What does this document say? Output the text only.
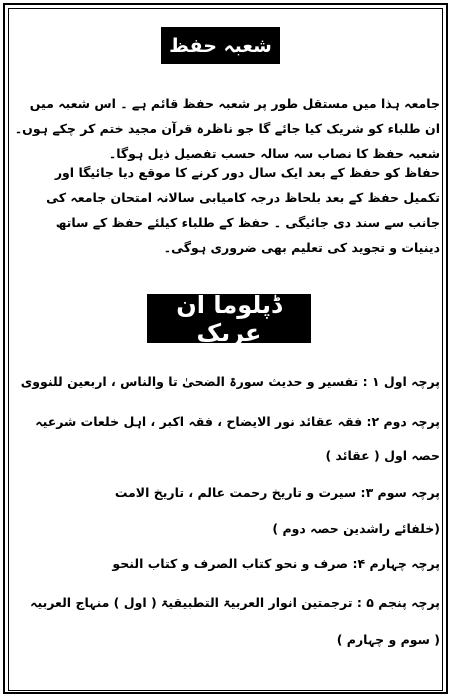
شعبہ حفظ
جامعہ ہذا میں مستقل طور پر شعبہ حفظ قائم ہے ۔ اس شعبہ میں ان طلباء کو شریک کیا جائے گا جو ناظرہ قرآن مجید ختم کر چکے ہوں۔ شعبہ حفظ کا نصاب سہ سالہ حسب تفصیل ذیل ہوگا۔
حفاظ کو حفظ کے بعد ایک سال دور کرنے کا موقع دیا جائیگا اور تکمیل حفظ کے بعد بلحاظ درجہ کامیابی سالانہ امتحان جامعہ کی جانب سے سند دی جائیگی ۔ حفظ کے طلباء کیلئے حفظ کے ساتھ دینیات و تجوید کی تعلیم بھی ضروری ہوگی۔
ڈپلوما ان عربک
پرچہ اول ۱ : تفسیر و حدیث سورۃ الضحیٰ تا والناس ، اربعین للنووی
پرچہ دوم ۲: فقہ عقائد نور الایضاح ، فقہ اکبر ، اہل خلعات شرعیہ
حصہ اول ( عقائد )
پرچہ سوم ۳: سیرت و تاریخ رحمت عالم ، تاریخ الامت
(خلفائے راشدین حصہ دوم )
پرچہ چہارم ۴: صرف و نحو کتاب الصرف و کتاب النحو
پرچہ پنجم ۵ : ترجمتین انوار العربیۃ التطبیقیۃ ( اول ) منہاج العربیہ
( سوم و چہارم )
